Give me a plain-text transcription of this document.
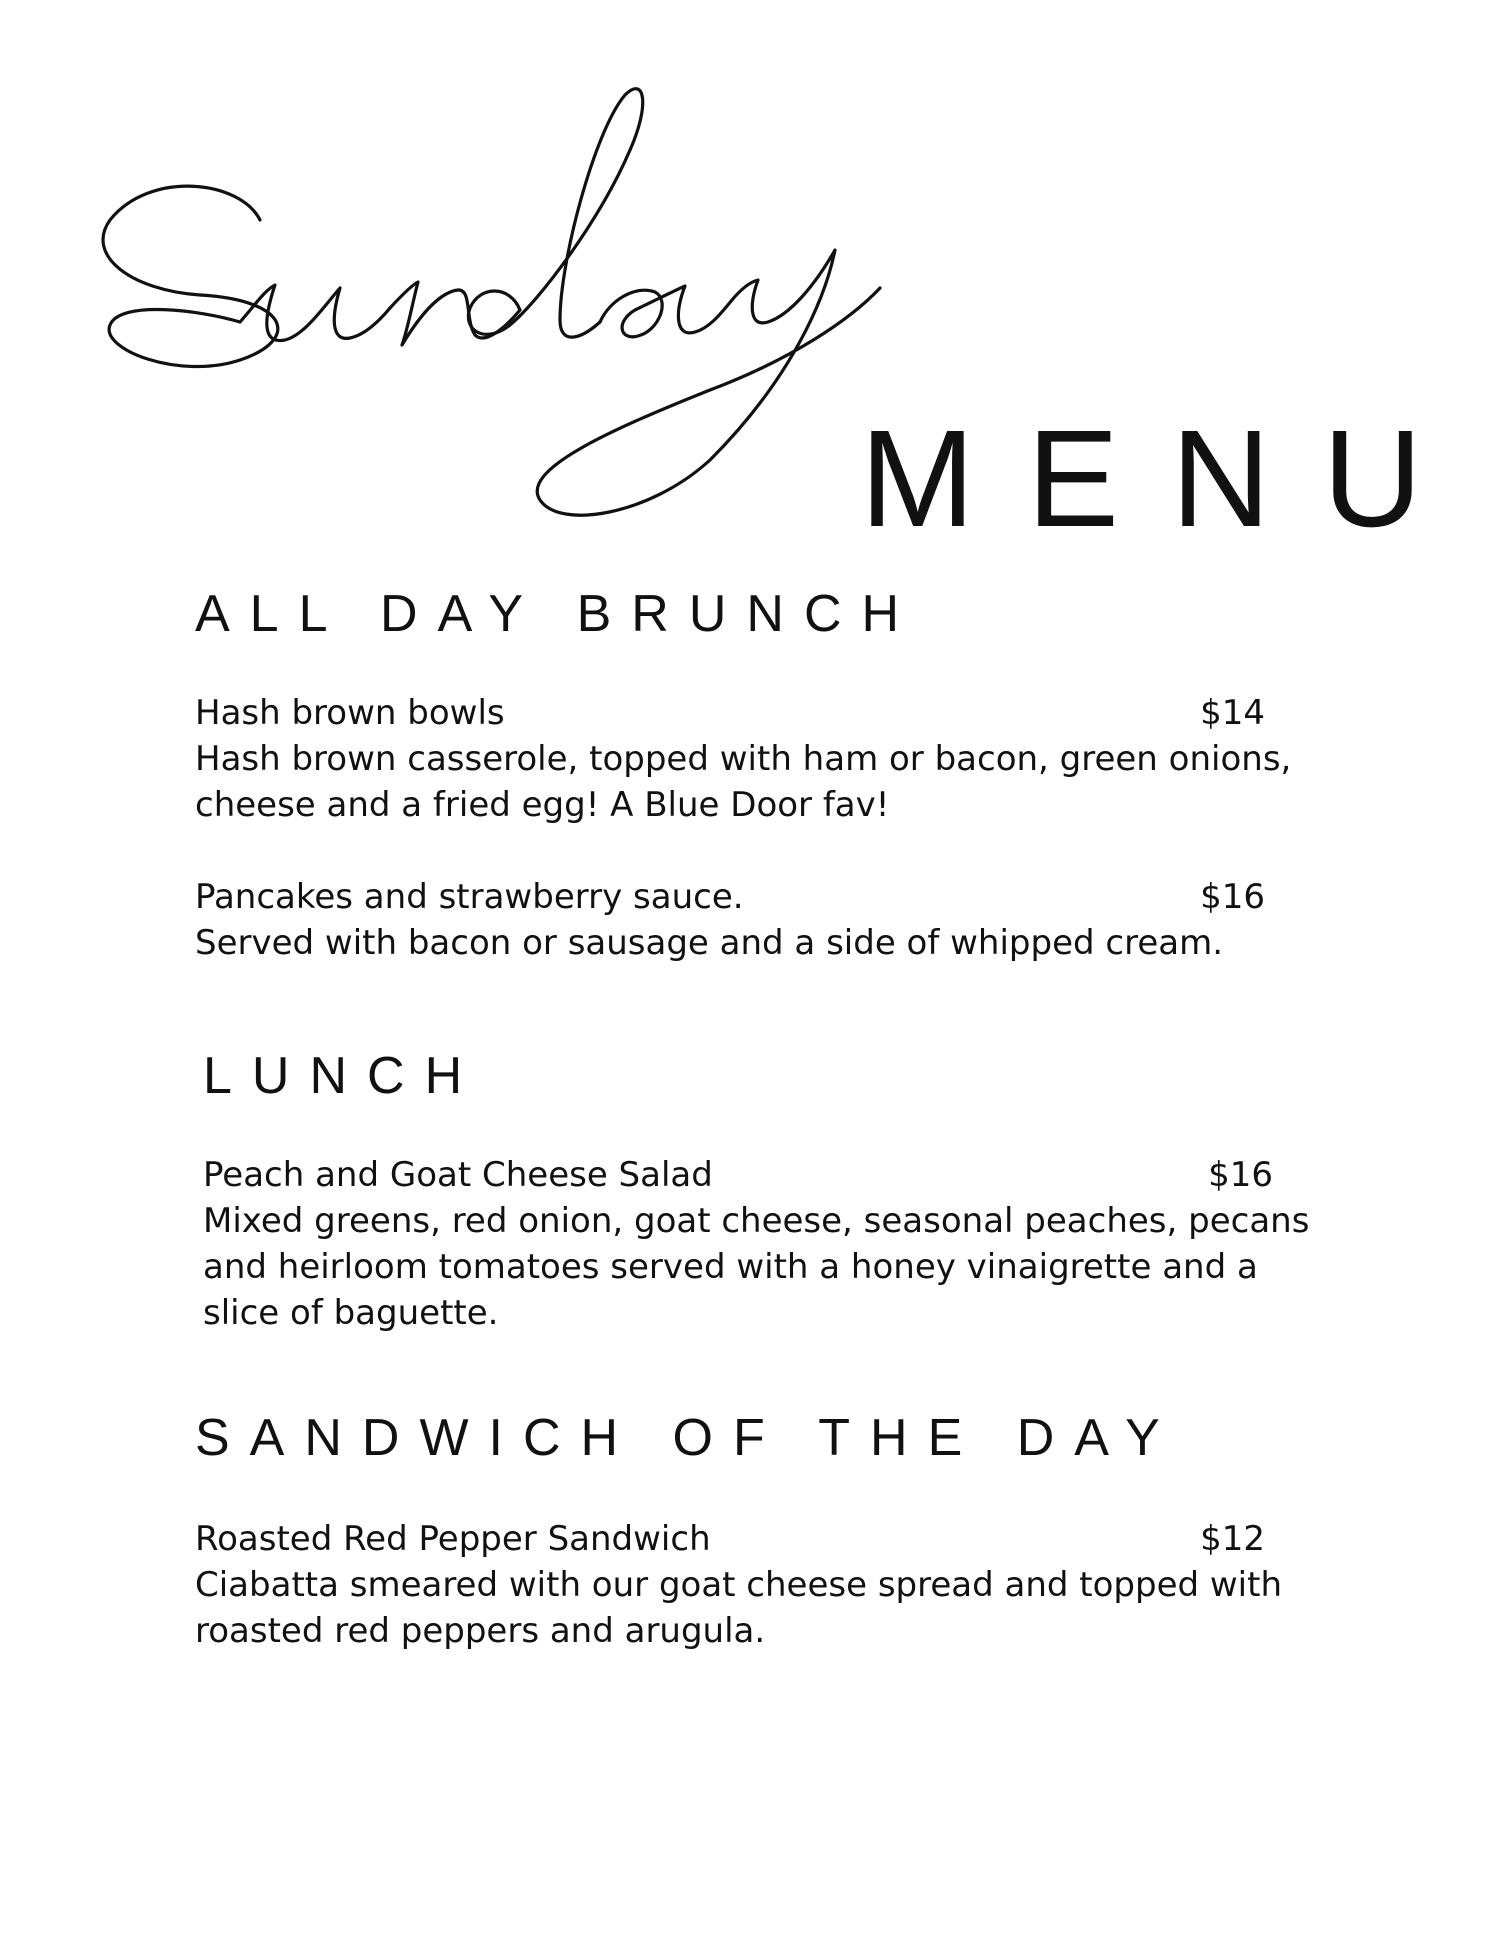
MENU
ALL DAY BRUNCH
Hash brown bowls	$14
Hash brown casserole, topped with ham or bacon, green onions, cheese and a fried egg! A Blue Door fav!
Pancakes and strawberry sauce.	$16
Served with bacon or sausage and a side of whipped cream.
LUNCH
Peach and Goat Cheese Salad	$16
Mixed greens, red onion, goat cheese, seasonal peaches, pecans and heirloom tomatoes served with a honey vinaigrette and a slice of baguette.
SANDWICH OF THE DAY
Roasted Red Pepper Sandwich	$12
Ciabatta smeared with our goat cheese spread and topped with roasted red peppers and arugula.
